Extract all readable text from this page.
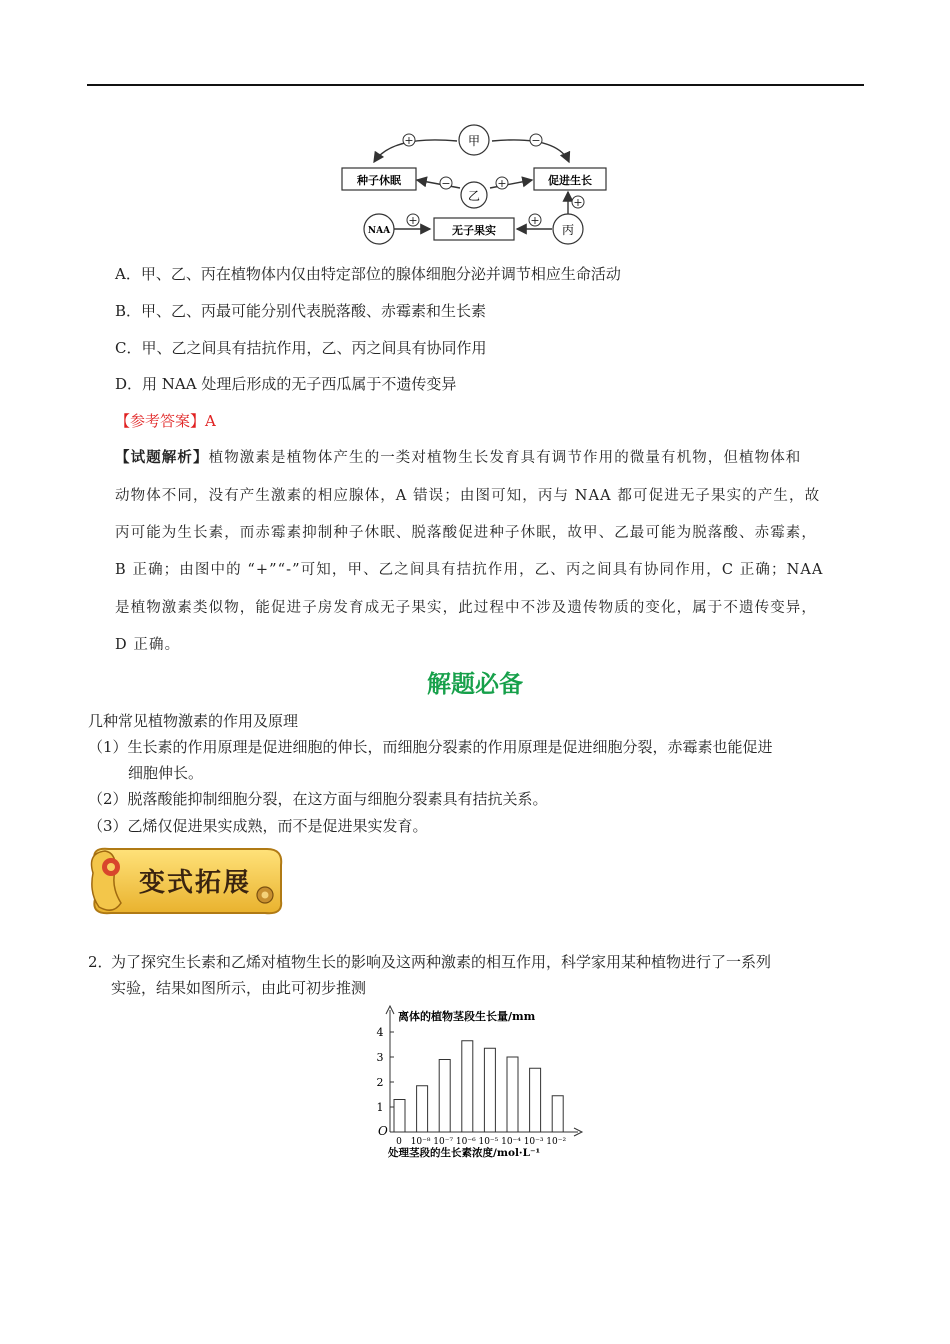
甲
乙
丙
NAA
种子休眠	促进生长
无子果实
+	−
−	+
+	+
+
A．甲、乙、丙在植物体内仅由特定部位的腺体细胞分泌并调节相应生命活动
B．甲、乙、丙最可能分别代表脱落酸、赤霉素和生长素
C．甲、乙之间具有拮抗作用，乙、丙之间具有协同作用
D．用 NAA 处理后形成的无子西瓜属于不遗传变异
【参考答案】A
【试题解析】植物激素是植物体产生的一类对植物生长发育具有调节作用的微量有机物，但植物体和
动物体不同，没有产生激素的相应腺体，A 错误；由图可知，丙与 NAA 都可促进无子果实的产生，故
丙可能为生长素，而赤霉素抑制种子休眠、脱落酸促进种子休眠，故甲、乙最可能为脱落酸、赤霉素，
B 正确；由图中的 “+”“-”可知，甲、乙之间具有拮抗作用，乙、丙之间具有协同作用，C 正确；NAA
是植物激素类似物，能促进子房发育成无子果实，此过程中不涉及遗传物质的变化，属于不遗传变异，
D 正确。
解题必备
几种常见植物激素的作用及原理
（1）生长素的作用原理是促进细胞的伸长，而细胞分裂素的作用原理是促进细胞分裂，赤霉素也能促进
细胞伸长。
（2）脱落酸能抑制细胞分裂，在这方面与细胞分裂素具有拮抗关系。
（3）乙烯仅促进果实成熟，而不是促进果实发育。
变式拓展
2．
为了探究生长素和乙烯对植物生长的影响及这两种激素的相互作用，科学家用某种植物进行了一系列
实验，结果如图所示，由此可初步推测
离体的植物茎段生长量/mm
O
处理茎段的生长素浓度/mol·L⁻¹
0 10⁻⁸ 10⁻⁷ 10⁻⁶ 10⁻⁵ 10⁻⁴ 10⁻³ 10⁻²
1
2
3
4
